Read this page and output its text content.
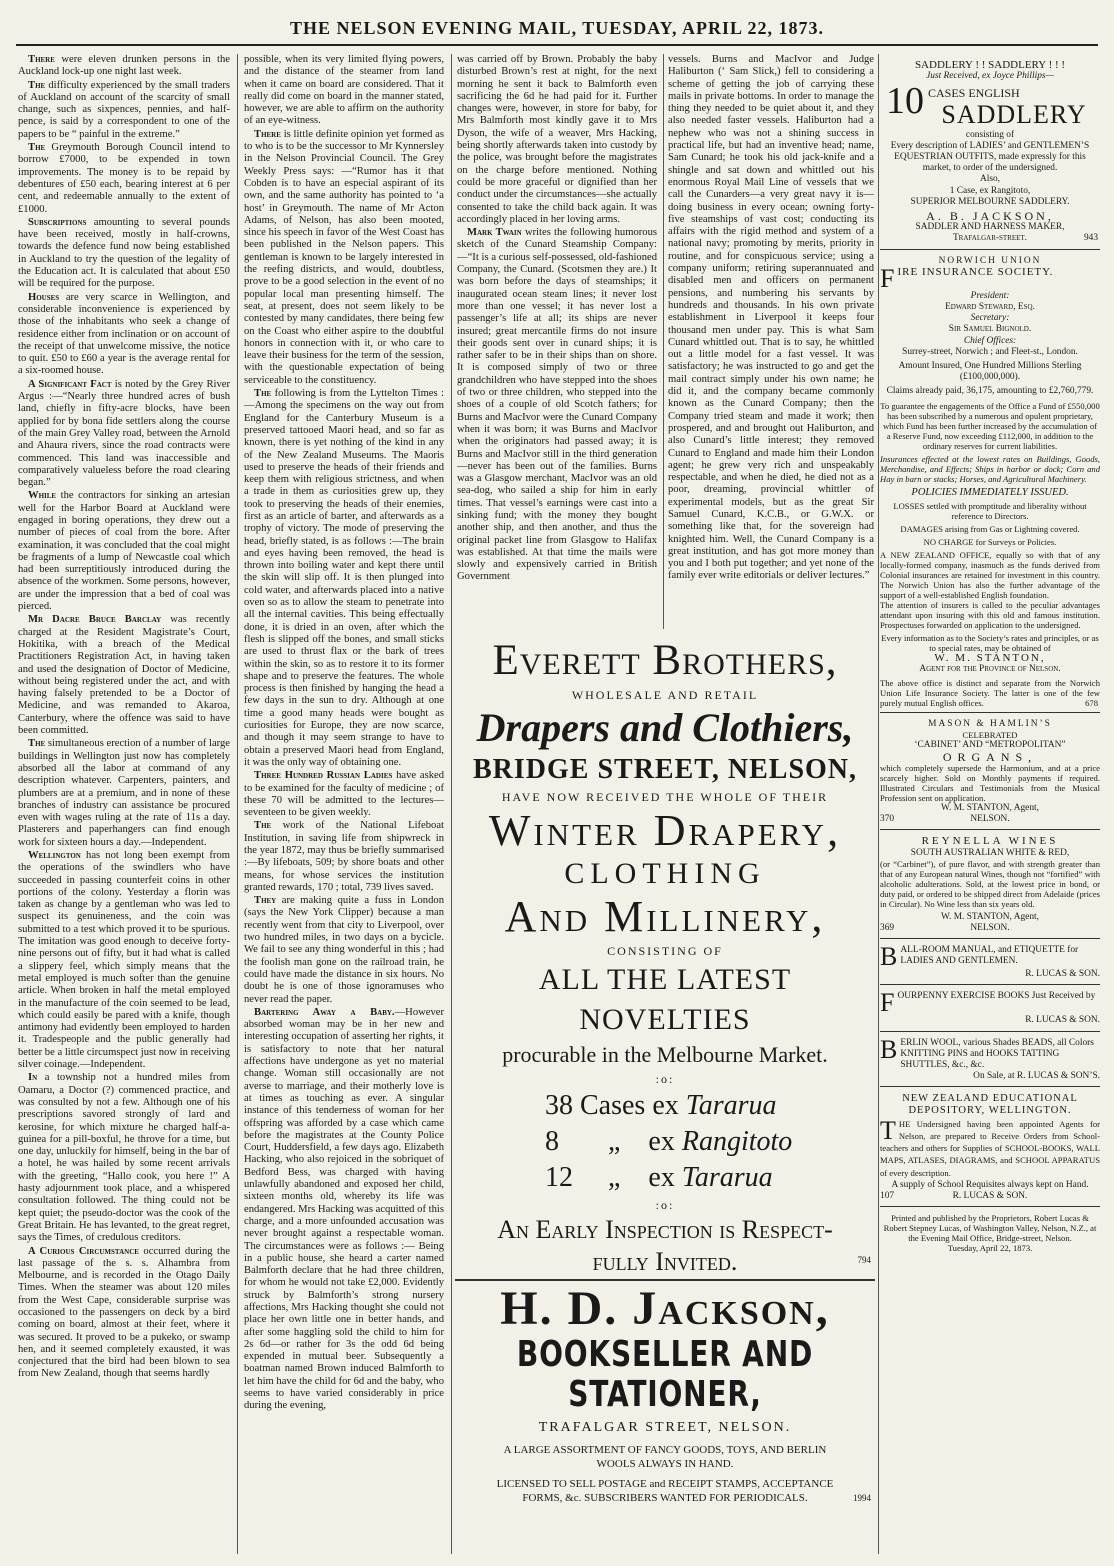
THE NELSON EVENING MAIL, TUESDAY, APRIL 22, 1873.

There were eleven drunken persons in the Auckland lock-up one night last week.

The difficulty experienced by the small traders of Auckland on account of the scarcity of small change, such as sixpences, pennies, and half-pence, is said by a correspondent to one of the papers to be “ painful in the extreme.”

The Greymouth Borough Council intend to borrow £7000, to be expended in town improvements. The money is to be repaid by debentures of £50 each, bearing interest at 6 per cent, and redeemable annually to the extent of £1000.

Subscriptions amounting to several pounds have been received, mostly in half-crowns, towards the defence fund now being established in Auckland to try the question of the legality of the Education act. It is calculated that about £50 will be required for the purpose.

Houses are very scarce in Wellington, and considerable inconvenience is experienced by those of the inhabitants who seek a change of residence either from inclination or on account of the receipt of that unwelcome missive, the notice to quit. £50 to £60 a year is the average rental for a six-roomed house.

A Significant Fact is noted by the Grey River Argus :—“Nearly three hundred acres of bush land, chiefly in fifty-acre blocks, have been applied for by bona fide settlers along the course of the main Grey Valley road, between the Arnold and Ahaura rivers, since the road contracts were commenced. This land was inaccessible and comparatively valueless before the road clearing began.”

While the contractors for sinking an artesian well for the Harbor Board at Auckland were engaged in boring operations, they drew out a number of pieces of coal from the bore. After examination, it was concluded that the coal might be fragments of a lump of Newcastle coal which had been surreptitiously introduced during the absence of the workmen. Some persons, however, are under the impression that a bed of coal was pierced.

Mr Dacre Bruce Barclay was recently charged at the Resident Magistrate’s Court, Hokitika, with a breach of the Medical Practitioners Registration Act, in having taken and used the designation of Doctor of Medicine, without being registered under the act, and with having falsely pretended to be a Doctor of Medicine, and was remanded to Akaroa, Canterbury, where the offence was said to have been committed.

The simultaneous erection of a number of large buildings in Wellington just now has completely absorbed all the labor at command of any description whatever. Carpenters, painters, and plumbers are at a premium, and in none of these branches of industry can assistance be procured even with wages ruling at the rate of 11s a day. Plasterers and paperhangers can find enough work for sixteen hours a day.—Independent.

Wellington has not long been exempt from the operations of the swindlers who have succeeded in passing counterfeit coins in other portions of the colony. Yesterday a florin was taken as change by a gentleman who was led to suspect its genuineness, and the coin was submitted to a test which proved it to be spurious. The imitation was good enough to deceive forty-nine persons out of fifty, but it had what is called a slippery feel, which simply means that the metal employed is much softer than the genuine article. When broken in half the metal employed in the manufacture of the coin seemed to be lead, which could easily be pared with a knife, though antimony had evidently been employed to harden it. Tradespeople and the public generally had better be a little circumspect just now in receiving silver coinage.—Independent.

In a township not a hundred miles from Oamaru, a Doctor (?) commenced practice, and was consulted by not a few. Although one of his prescriptions savored strongly of lard and kerosine, for which mixture he charged half-a-guinea for a pill-boxful, he throve for a time, but one day, unluckily for himself, being in the bar of a hotel, he was hailed by some recent arrivals with the greeting, “Hallo cook, you here !” A hasty adjournment took place, and a whispered consultation followed. The thing could not be kept quiet; the pseudo-doctor was the cook of the Great Britain. He has levanted, to the great regret, says the Times, of credulous creditors.

A Curious Circumstance occurred during the last passage of the s. s. Alhambra from Melbourne, and is recorded in the Otago Daily Times. When the steamer was about 120 miles from the West Cape, considerable surprise was occasioned to the passengers on deck by a bird coming on board, almost at their feet, where it was secured. It proved to be a pukeko, or swamp hen, and it seemed completely exausted, it was conjectured that the bird had been blown to sea from New Zealand, though that seems hardly

possible, when its very limited flying powers, and the distance of the steamer from land when it came on board are considered. That it really did come on board in the manner stated, however, we are able to affirm on the authority of an eye-witness.

There is little definite opinion yet formed as to who is to be the successor to Mr Kynnersley in the Nelson Provincial Council. The Grey Weekly Press says: —“Rumor has it that Cobden is to have an especial aspirant of its own, and the same authority has pointed to ‘a host’ in Greymouth. The name of Mr Acton Adams, of Nelson, has also been mooted, since his speech in favor of the West Coast has been published in the Nelson papers. This gentleman is known to be largely interested in the reefing districts, and would, doubtless, prove to be a good selection in the event of no popular local man presenting himself. The seat, at present, does not seem likely to be contested by many candidates, there being few on the Coast who either aspire to the doubtful honors in connection with it, or who care to leave their business for the term of the session, with the questionable expectation of being serviceable to the constituency.

The following is from the Lyttelton Times :—Among the specimens on the way out from England for the Canterbury Museum is a preserved tattooed Maori head, and so far as known, there is yet nothing of the kind in any of the New Zealand Museums. The Maoris used to preserve the heads of their friends and keep them with religious strictness, and when a trade in them as curiosities grew up, they took to preserving the heads of their enemies, first as an article of barter, and afterwards as a trophy of victory. The mode of preserving the head, briefly stated, is as follows :—The brain and eyes having been removed, the head is thrown into boiling water and kept there until the skin will slip off. It is then plunged into cold water, and afterwards placed into a native oven so as to allow the steam to penetrate into all the internal cavities. This being effectually done, it is dried in an oven, after which the flesh is slipped off the bones, and small sticks are used to thrust flax or the bark of trees within the skin, so as to restore it to its former shape and to preserve the features. The whole process is then finished by hanging the head a few days in the sun to dry. Although at one time a good many heads were bought as curiosities for Europe, they are now scarce, and though it may seem strange to have to obtain a preserved Maori head from England, it was the only way of obtaining one.

Three Hundred Russian Ladies have asked to be examined for the faculty of medicine ; of these 70 will be admitted to the lectures—seventeen to be given weekly.

The work of the National Lifeboat Institution, in saving life from shipwreck in the year 1872, may thus be briefly summarised :—By lifeboats, 509; by shore boats and other means, for whose services the institution granted rewards, 170 ; total, 739 lives saved.

They are making quite a fuss in London (says the New York Clipper) because a man recently went from that city to Liverpool, over two hundred miles, in two days on a bycicle. We fail to see any thing wonderful in this ; had the foolish man gone on the railroad train, he could have made the distance in six hours. No doubt he is one of those ignoramuses who never read the paper.

Bartering Away a Baby.—However absorbed woman may be in her new and interesting occupation of asserting her rights, it is satisfactory to note that her natural affections have undergone as yet no material change. Woman still occasionally are not averse to marriage, and their motherly love is at times as touching as ever. A singular instance of this tenderness of woman for her offspring was afforded by a case which came before the magistrates at the County Police Court, Huddersfield, a few days ago. Elizabeth Hacking, who also rejoiced in the sobriquet of Bedford Bess, was charged with having unlawfully abandoned and exposed her child, sixteen months old, whereby its life was endangered. Mrs Hacking was acquitted of this charge, and a more unfounded accusation was never brought against a respectable woman. The circumstances were as follows :— Being in a public house, she heard a carter named Balmforth declare that he had three children, for whom he would not take £2,000. Evidently struck by Balmforth’s strong nursery affections, Mrs Hacking thought she could not place her own little one in better hands, and after some haggling sold the child to him for 2s 6d—or rather for 3s the odd 6d being expended in mutual beer. Subsequently a boatman named Brown induced Balmforth to let him have the child for 6d and the baby, who seems to have varied considerably in price during the evening,

was carried off by Brown. Probably the baby disturbed Brown’s rest at night, for the next morning he sent it back to Balmforth even sacrificing the 6d he had paid for it. Further changes were, however, in store for baby, for Mrs Balmforth most kindly gave it to Mrs Dyson, the wife of a weaver, Mrs Hacking, being shortly afterwards taken into custody by the police, was brought before the magistrates on the charge before mentioned. Nothing could be more graceful or dignified than her conduct under the circumstances—she actually consented to take the child back again. It was accordingly placed in her loving arms.

Mark Twain writes the following humorous sketch of the Cunard Steamship Company:—“It is a curious self-possessed, old-fashioned Company, the Cunard. (Scotsmen they are.) It was born before the days of steamships; it inaugurated ocean steam lines; it never lost more than one vessel; it has never lost a passenger’s life at all; its ships are never insured; great mercantile firms do not insure their goods sent over in cunard ships; it is rather safer to be in their ships than on shore. It is composed simply of two or three grandchildren who have stepped into the shoes of two or three children, who stepped into the shoes of a couple of old Scotch fathers; for Burns and MacIvor were the Cunard Company when it was born; it was Burns and MacIvor when the originators had passed away; it is Burns and MacIvor still in the third generation —never has been out of the families. Burns was a Glasgow merchant, MacIvor was an old sea-dog, who sailed a ship for him in early times. That vessel’s earnings were cast into a sinking fund; with the money they bought another ship, and then another, and thus the original packet line from Glasgow to Halifax was established. At that time the mails were slowly and expensively carried in British Government

vessels. Burns and MacIvor and Judge Haliburton (‘ Sam Slick,) fell to considering a scheme of getting the job of carrying these mails in private bottoms. In order to manage the thing they needed to be quiet about it, and they also needed faster vessels. Haliburton had a nephew who was not a shining success in practical life, but had an inventive head; name, Sam Cunard; he took his old jack-knife and a shingle and sat down and whittled out his enormous Royal Mail Line of vessels that we call the Cunarders—a very great navy it is—doing business in every ocean; owning forty-five steamships of vast cost; conducting its affairs with the rigid method and system of a national navy; promoting by merits, priority in routine, and for conspicuous service; using a company uniform; retiring superannuated and disabled men and officers on permanent pensions, and numbering his servants by hundreds and thousands. In his own private establishment in Liverpool it keeps four thousand men under pay. This is what Sam Cunard whittled out. That is to say, he whittled out a little model for a fast vessel. It was satisfactory; he was instructed to go and get the mail contract simply under his own name; he did it, and the company became commonly known as the Cunard Company; then the Company tried steam and made it work; then prospered, and and brought out Haliburton, and also Cunard’s little interest; they removed Cunard to England and made him their London agent; he grew very rich and unspeakably respectable, and when he died, he died not as a poor, dreaming, provincial whittler of experimental models, but as the great Sir Samuel Cunard, K.C.B., or G.W.X. or something like that, for the sovereign had knighted him. Well, the Cunard Company is a great institution, and has got more money than you and I both put together; and yet none of the family ever write editorials or deliver lectures.”

Everett Brothers,
WHOLESALE AND RETAIL
Drapers and Clothiers,
BRIDGE STREET, NELSON,
HAVE NOW RECEIVED THE WHOLE OF THEIR
Winter Drapery,
CLOTHING
And Millinery,
CONSISTING OF
ALL THE LATEST NOVELTIES
procurable in the Melbourne Market.
:o:
38 Cases ex Tararua
8       „    ex Rangitoto
12     „    ex Tararua
:o:
An Early Inspection is Respect-
fully Invited.	794
H. D. Jackson,
BOOKSELLER AND STATIONER,
TRAFALGAR STREET, NELSON.
A LARGE ASSORTMENT OF FANCY GOODS, TOYS, AND BERLIN
WOOLS ALWAYS IN HAND.
LICENSED TO SELL POSTAGE and RECEIPT STAMPS, ACCEPTANCE
FORMS, &c. SUBSCRIBERS WANTED FOR PERIODICALS.	1994
SADDLERY ! ! SADDLERY ! ! !
Just Received, ex Joyce Phillips—
10 CASES ENGLISH
SADDLERY
consisting of
Every description of LADIES’ and GENTLEMEN’S EQUESTRIAN OUTFITS, made expressly for this market, to order of the undersigned.
Also,
1 Case, ex Rangitoto,
SUPERIOR MELBOURNE SADDLERY.
A. B. JACKSON,
SADDLER AND HARNESS MAKER,
Trafalgar-street.	943
NORWICH UNION
F IRE INSURANCE SOCIETY.
President:
Edward Steward, Esq.
Secretary:
Sir Samuel Bignold.
Chief Offices:
Surrey-street, Norwich ; and Fleet-st., London.
Amount Insured, One Hundred Millions Sterling (£100,000,000).
Claims already paid, 36,175, amounting to £2,760,779.
To guarantee the engagements of the Office a Fund of £550,000 has been subscribed by a numerous and opulent proprietary, which Fund has been further increased by the accumulation of a Reserve Fund, now exceeding £112,000, in addition to the ordinary reserves for current liabilities.
Insurances effected at the lowest rates on Buildings, Goods, Merchandise, and Effects; Ships in harbor or dock; Corn and Hay in barn or stacks; Horses, and Agricultural Machinery.
POLICIES IMMEDIATELY ISSUED.
LOSSES settled with promptitude and liberality without reference to Directors.
DAMAGES arising from Gas or Lightning covered.
NO CHARGE for Surveys or Policies.
A NEW ZEALAND OFFICE, equally so with that of any locally-formed company, inasmuch as the funds derived from Colonial insurances are retained for investment in this country. The Norwich Union has also the further advantage of the support of a well-established English foundation.
The attention of insurers is called to the peculiar advantages attendant upon insuring with this old and famous institution. Prospectuses forwarded on application to the undersigned.
Every information as to the Society’s rates and principles, or as to special rates, may be obtained of
W. M. STANTON,
Agent for the Province of Nelson.
The above office is distinct and separate from the Norwich Union Life Insurance Society. The latter is one of the few purely mutual English offices.	678
MASON & HAMLIN’S
CELEBRATED
‘CABINET’ AND “METROPOLITAN”
ORGANS,
which completely supersede the Harmonium, and at a price scarcely higher. Sold on Monthly payments if required. Illustrated Circulars and Testimonials from the Musical Profession sent on application.
W. M. STANTON, Agent,
370	NELSON.
REYNELLA WINES
SOUTH AUSTRALIAN WHITE & RED,
(or “Carbinet”), of pure flavor, and with strength greater than that of any European natural Wines, though not “fortified” with alcoholic adulterations. Sold, at the lowest price in bond, or duty paid, or ordered to be shipped direct from Adelaide (prices in Circular). No Wine less than six years old.
W. M. STANTON, Agent,
369	NELSON.
B ALL-ROOM MANUAL, and ETIQUETTE for LADIES AND GENTLEMEN.
R. LUCAS & SON.
F OURPENNY EXERCISE BOOKS Just Received by
R. LUCAS & SON.
B ERLIN WOOL, various Shades BEADS, all Colors KNITTING PINS and HOOKS TATTING SHUTTLES, &c., &c.
On Sale, at R. LUCAS & SON’S.
NEW ZEALAND EDUCATIONAL
DEPOSITORY, WELLINGTON.
T HE Undersigned having been appointed Agents for Nelson, are prepared to Receive Orders from School-teachers and others for Supplies of SCHOOL-BOOKS, WALL MAPS, ATLASES, DIAGRAMS, and SCHOOL APPARATUS of every description.
A supply of School Requisites always kept on Hand.
107	R. LUCAS & SON.
Printed and published by the Proprietors, Robert Lucas & Robert Stepney Lucas, of Washington Valley, Nelson, N.Z., at the Evening Mail Office, Bridge-street, Nelson.
Tuesday, April 22, 1873.
